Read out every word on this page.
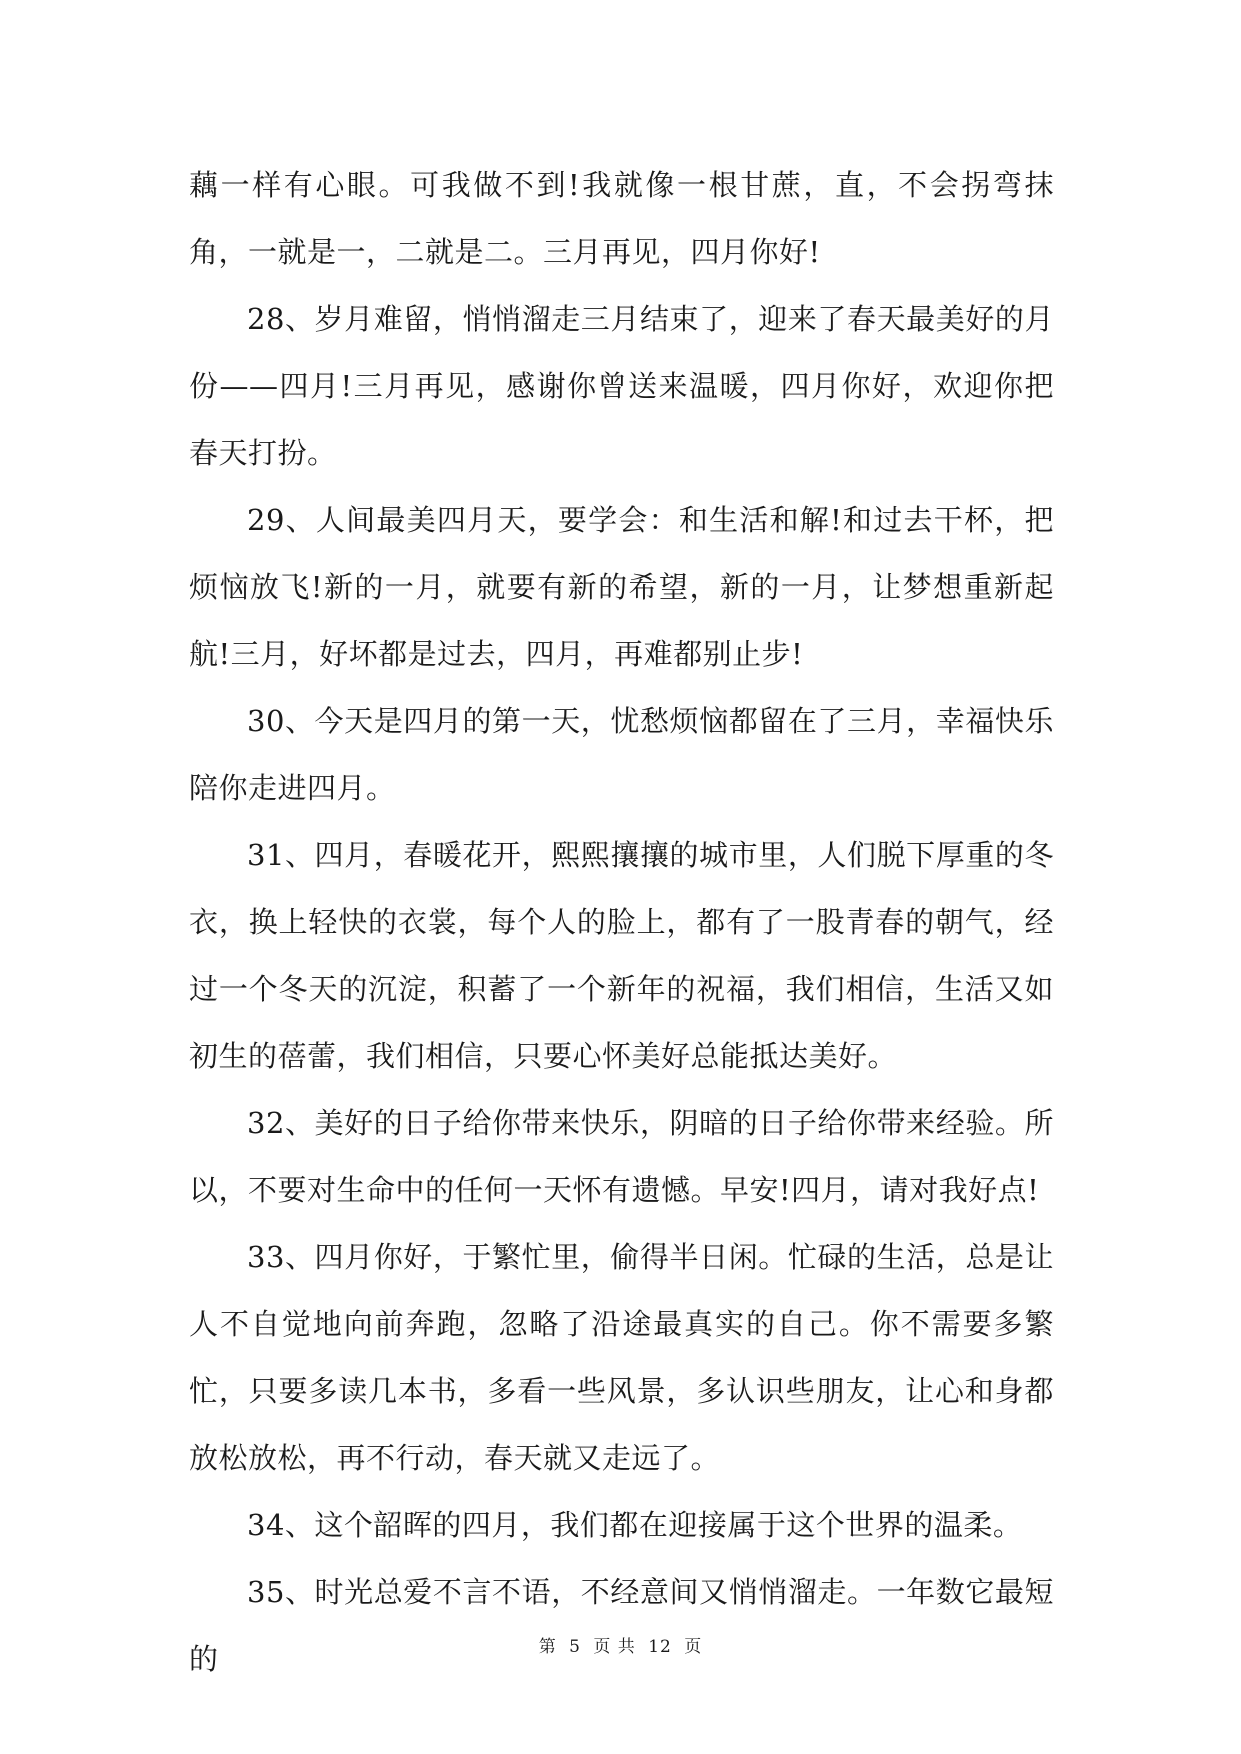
藕一样有心眼。可我做不到!我就像一根甘蔗，直，不会拐弯抹角，一就是一，二就是二。三月再见，四月你好!

28、岁月难留，悄悄溜走三月结束了，迎来了春天最美好的月份——四月!三月再见，感谢你曾送来温暖，四月你好，欢迎你把春天打扮。

29、人间最美四月天，要学会：和生活和解!和过去干杯，把烦恼放飞!新的一月，就要有新的希望，新的一月，让梦想重新起航!三月，好坏都是过去，四月，再难都别止步!

30、今天是四月的第一天，忧愁烦恼都留在了三月，幸福快乐陪你走进四月。

31、四月，春暖花开，熙熙攘攘的城市里，人们脱下厚重的冬衣，换上轻快的衣裳，每个人的脸上，都有了一股青春的朝气，经过一个冬天的沉淀，积蓄了一个新年的祝福，我们相信，生活又如初生的蓓蕾，我们相信，只要心怀美好总能抵达美好。

32、美好的日子给你带来快乐，阴暗的日子给你带来经验。所以，不要对生命中的任何一天怀有遗憾。早安!四月，请对我好点!

33、四月你好，于繁忙里，偷得半日闲。忙碌的生活，总是让人不自觉地向前奔跑，忽略了沿途最真实的自己。你不需要多繁忙，只要多读几本书，多看一些风景，多认识些朋友，让心和身都放松放松，再不行动，春天就又走远了。

34、这个韶晖的四月，我们都在迎接属于这个世界的温柔。

35、时光总爱不言不语，不经意间又悄悄溜走。一年数它最短的	第 5 页 共 12 页
